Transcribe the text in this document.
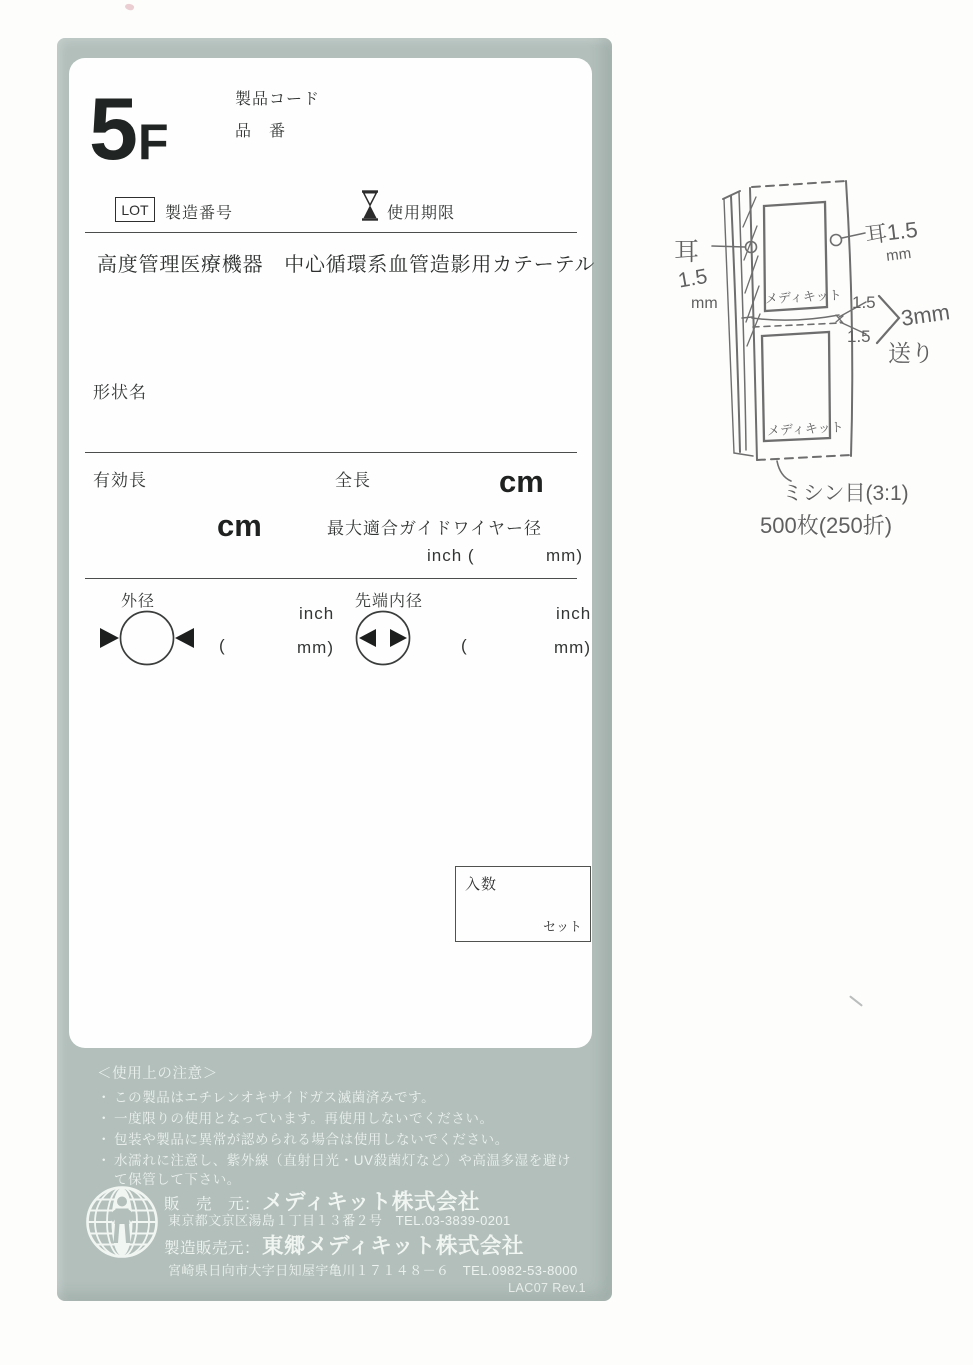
5 F
製品コード
品　番
LOT 製造番号	使用期限
高度管理医療機器　中心循環系血管造影用カテーテル
形状名
有効長	全長	cm
cm	最大適合ガイドワイヤー径
inch (	mm)
外径
(
inch
mm)
先端内径
(
inch
mm)
入数
セット
＜使用上の注意＞
・ この製品はエチレンオキサイドガス滅菌済みです。
・ 一度限りの使用となっています。再使用しないでください。
・ 包装や製品に異常が認められる場合は使用しないでください。
・ 水濡れに注意し、紫外線（直射日光・UV殺菌灯など）や高温多湿を避けて保管して下さい。
販　売　元： メディキット株式会社
東京都文京区湯島１丁目１３番２号　TEL.03-3839-0201
製造販売元： 東郷メディキット株式会社
宮崎県日向市大字日知屋宇亀川１７１４８－６　TEL.0982-53-8000
LAC07 Rev.1
耳
1.5
mm
耳1.5
mm
メディキット
メディキット
1.5
1.5
3mm
送り
ミシン目(3:1)
500枚(250折)
